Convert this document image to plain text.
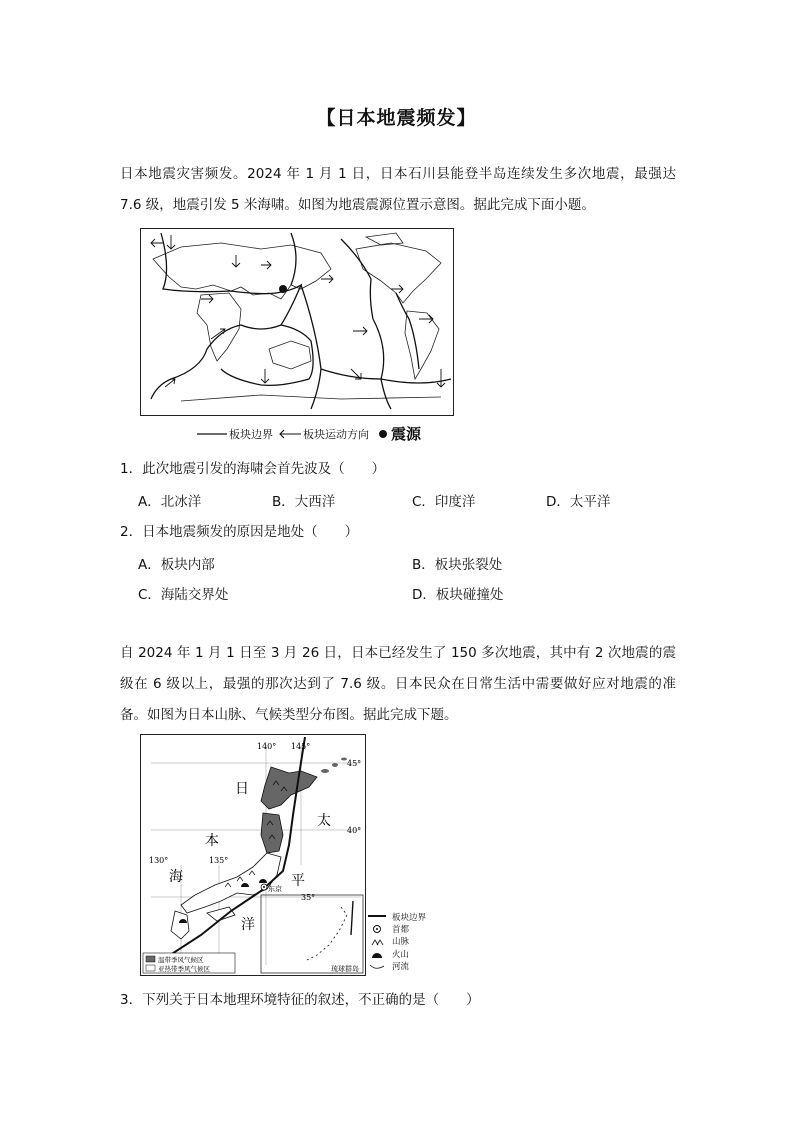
【日本地震频发】
日本地震灾害频发。2024 年 1 月 1 日，日本石川县能登半岛连续发生多次地震，最强达 7.6 级，地震引发 5 米海啸。如图为地震震源位置示意图。据此完成下面小题。
板块边界	板块运动方向 震源
1．此次地震引发的海啸会首先波及（　　）
A．北冰洋	B．大西洋	C．印度洋	D．太平洋
2．日本地震频发的原因是地处（　　）
A．板块内部	B．板块张裂处
C．海陆交界处	D．板块碰撞处
自 2024 年 1 月 1 日至 3 月 26 日，日本已经发生了 150 多次地震，其中有 2 次地震的震级在 6 级以上，最强的那次达到了 7.6 级。日本民众在日常生活中需要做好应对地震的准备。如图为日本山脉、气候类型分布图。据此完成下题。
温带季风气候区
亚热带季风气候区
140° 145°
130°	135°
45°
40°
35°
日
本
海
太
平
洋
东京
琉球群岛
板块边界
首都
山脉
火山
河流
3．下列关于日本地理环境特征的叙述，不正确的是（　　）
